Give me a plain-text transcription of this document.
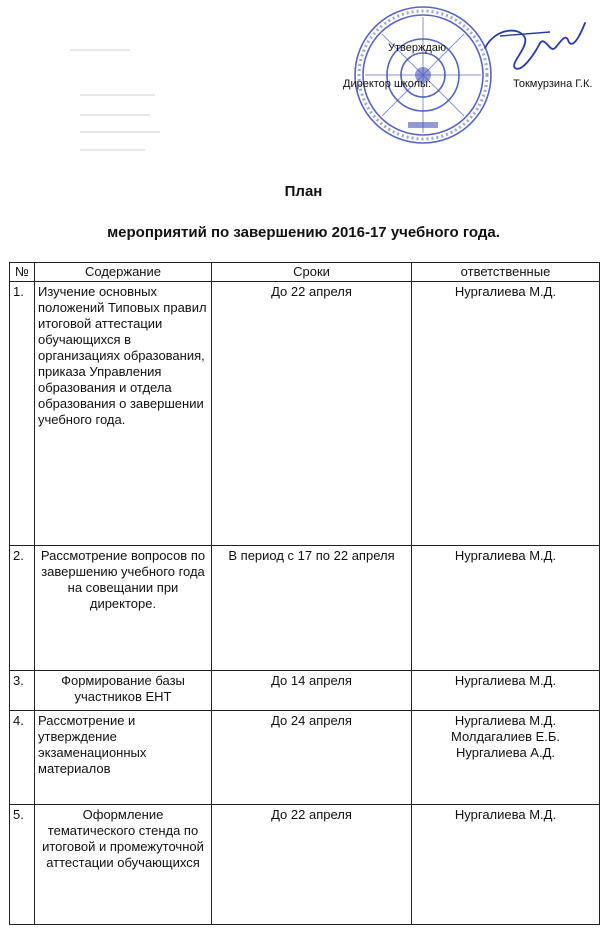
Утверждаю
Директор школы:	Токмурзина Г.К.
План
мероприятий по завершению 2016-17 учебного года.
№	Содержание	Сроки	ответственные
1.	Изучение основных положений Типовых правил итоговой аттестации обучающихся в организациях образования, приказа Управления образования и отдела образования о завершении учебного года.	До 22 апреля	Нургалиева М.Д.

2.	Рассмотрение вопросов по завершению учебного года на совещании при директоре.	В период с 17 по 22 апреля	Нургалиева М.Д.

3.	Формирование базы участников ЕНТ	До 14 апреля	Нургалиева М.Д.

4.	Рассмотрение и утверждение экзаменационных материалов	До 24 апреля	Нургалиева М.Д.
Молдагалиев Е.Б.
Нургалиева А.Д.

5.	Оформление тематического стенда по итоговой и промежуточной аттестации обучающихся	До 22 апреля	Нургалиева М.Д.
